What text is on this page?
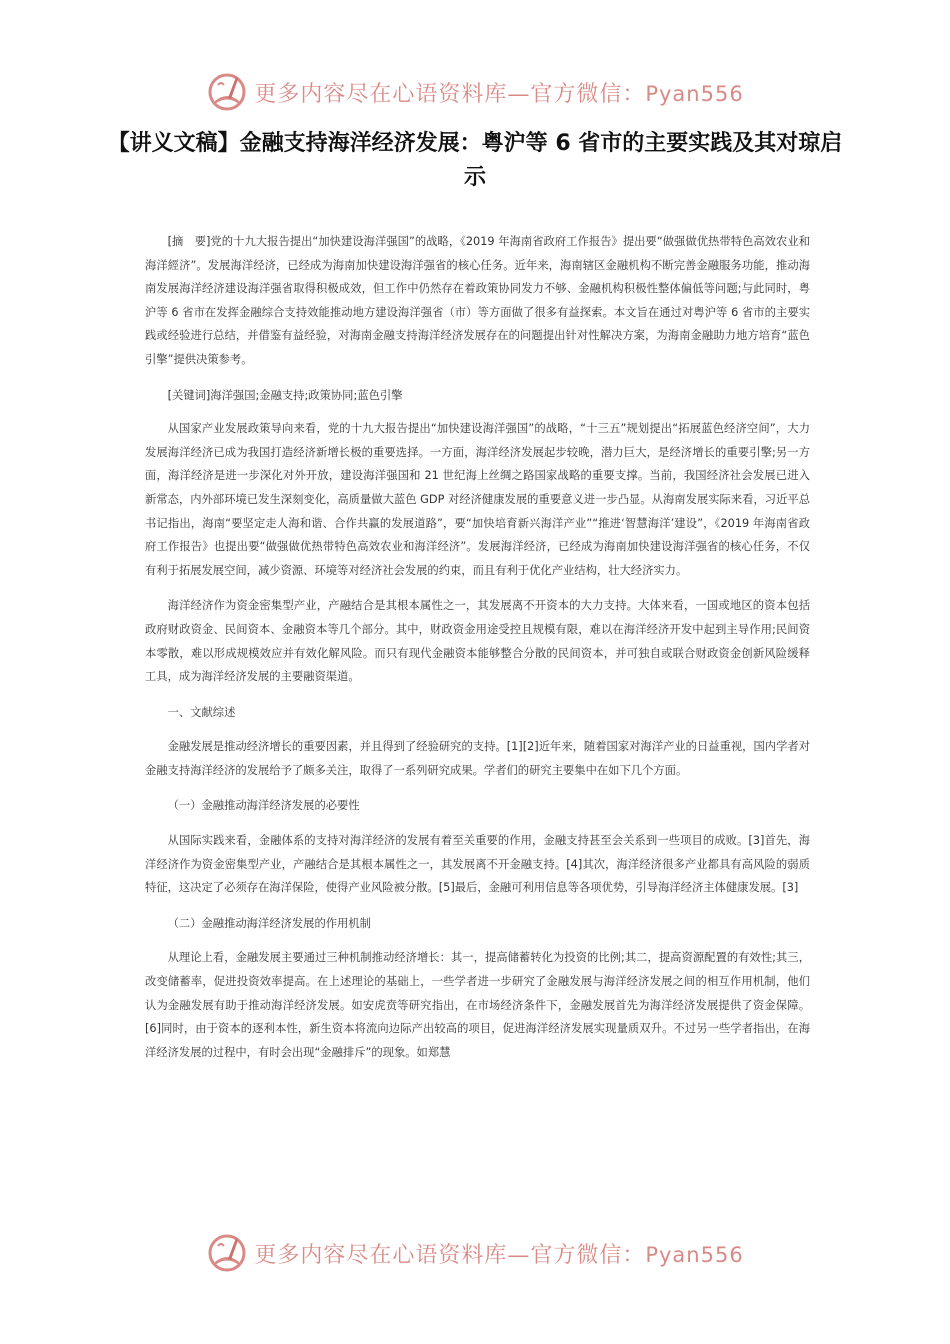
更多内容尽在心语资料库—官方微信：Pyan556
【讲义文稿】金融支持海洋经济发展：粤沪等 6 省市的主要实践及其对琼启示

[摘　要]党的十九大报告提出“加快建设海洋强国”的战略，《2019 年海南省政府工作报告》提出要“做强做优热带特色高效农业和海洋經济”。发展海洋经济，已经成为海南加快建设海洋强省的核心任务。近年来，海南辖区金融机构不断完善金融服务功能，推动海南发展海洋经济建设海洋强省取得积极成效，但工作中仍然存在着政策协同发力不够、金融机构积极性整体偏低等问题;与此同时，粤沪等 6 省市在发挥金融综合支持效能推动地方建设海洋强省（市）等方面做了很多有益探索。本文旨在通过对粤沪等 6 省市的主要实践或经验进行总结，并借鉴有益经验，对海南金融支持海洋经济发展存在的问题提出针对性解决方案，为海南金融助力地方培育“蓝色引擎”提供决策参考。

[关键词]海洋强国;金融支持;政策协同;蓝色引擎

从国家产业发展政策导向来看，党的十九大报告提出“加快建设海洋强国”的战略，“十三五”规划提出“拓展蓝色经济空间”，大力发展海洋经济已成为我国打造经济新增长极的重要选择。一方面，海洋经济发展起步较晚，潜力巨大，是经济增长的重要引擎;另一方面，海洋经济是进一步深化对外开放，建设海洋强国和 21 世纪海上丝绸之路国家战略的重要支撑。当前，我国经济社会发展已进入新常态，内外部环境已发生深刻变化，高质量做大蓝色 GDP 对经济健康发展的重要意义进一步凸显。从海南发展实际来看，习近平总书记指出，海南“要坚定走人海和谐、合作共赢的发展道路”，要“加快培育新兴海洋产业”“推进‘智慧海洋’建设”，《2019 年海南省政府工作报告》也提出要“做强做优热带特色高效农业和海洋经济”。发展海洋经济，已经成为海南加快建设海洋强省的核心任务，不仅有利于拓展发展空间，减少资源、环境等对经济社会发展的约束，而且有利于优化产业结构，壮大经济实力。

海洋经济作为资金密集型产业，产融结合是其根本属性之一，其发展离不开资本的大力支持。大体来看，一国或地区的资本包括政府财政资金、民间资本、金融资本等几个部分。其中，财政资金用途受控且规模有限，难以在海洋经济开发中起到主导作用;民间资本零散，难以形成规模效应并有效化解风险。而只有现代金融资本能够整合分散的民间资本，并可独自或联合财政资金创新风险缓释工具，成为海洋经济发展的主要融资渠道。

一、文献综述

金融发展是推动经济增长的重要因素，并且得到了经验研究的支持。[1][2]近年来，随着国家对海洋产业的日益重视，国内学者对金融支持海洋经济的发展给予了颇多关注，取得了一系列研究成果。学者们的研究主要集中在如下几个方面。

（一）金融推动海洋经济发展的必要性

从国际实践来看，金融体系的支持对海洋经济的发展有着至关重要的作用，金融支持甚至会关系到一些项目的成败。[3]首先，海洋经济作为资金密集型产业，产融结合是其根本属性之一，其发展离不开金融支持。[4]其次，海洋经济很多产业都具有高风险的弱质特征，这决定了必须存在海洋保险，使得产业风险被分散。[5]最后，金融可利用信息等各项优势，引导海洋经济主体健康发展。[3]

（二）金融推动海洋经济发展的作用机制

从理论上看，金融发展主要通过三种机制推动经济增长：其一，提高储蓄转化为投资的比例;其二，提高资源配置的有效性;其三，改变储蓄率，促进投资效率提高。在上述理论的基础上，一些学者进一步研究了金融发展与海洋经济发展之间的相互作用机制，他们认为金融发展有助于推动海洋经济发展。如安虎贲等研究指出，在市场经济条件下，金融发展首先为海洋经济发展提供了资金保障。[6]同时，由于资本的逐利本性，新生资本将流向边际产出较高的项目，促进海洋经济发展实现量质双升。不过另一些学者指出，在海洋经济发展的过程中，有时会出现“金融排斥”的现象。如郑慧

更多内容尽在心语资料库—官方微信：Pyan556
